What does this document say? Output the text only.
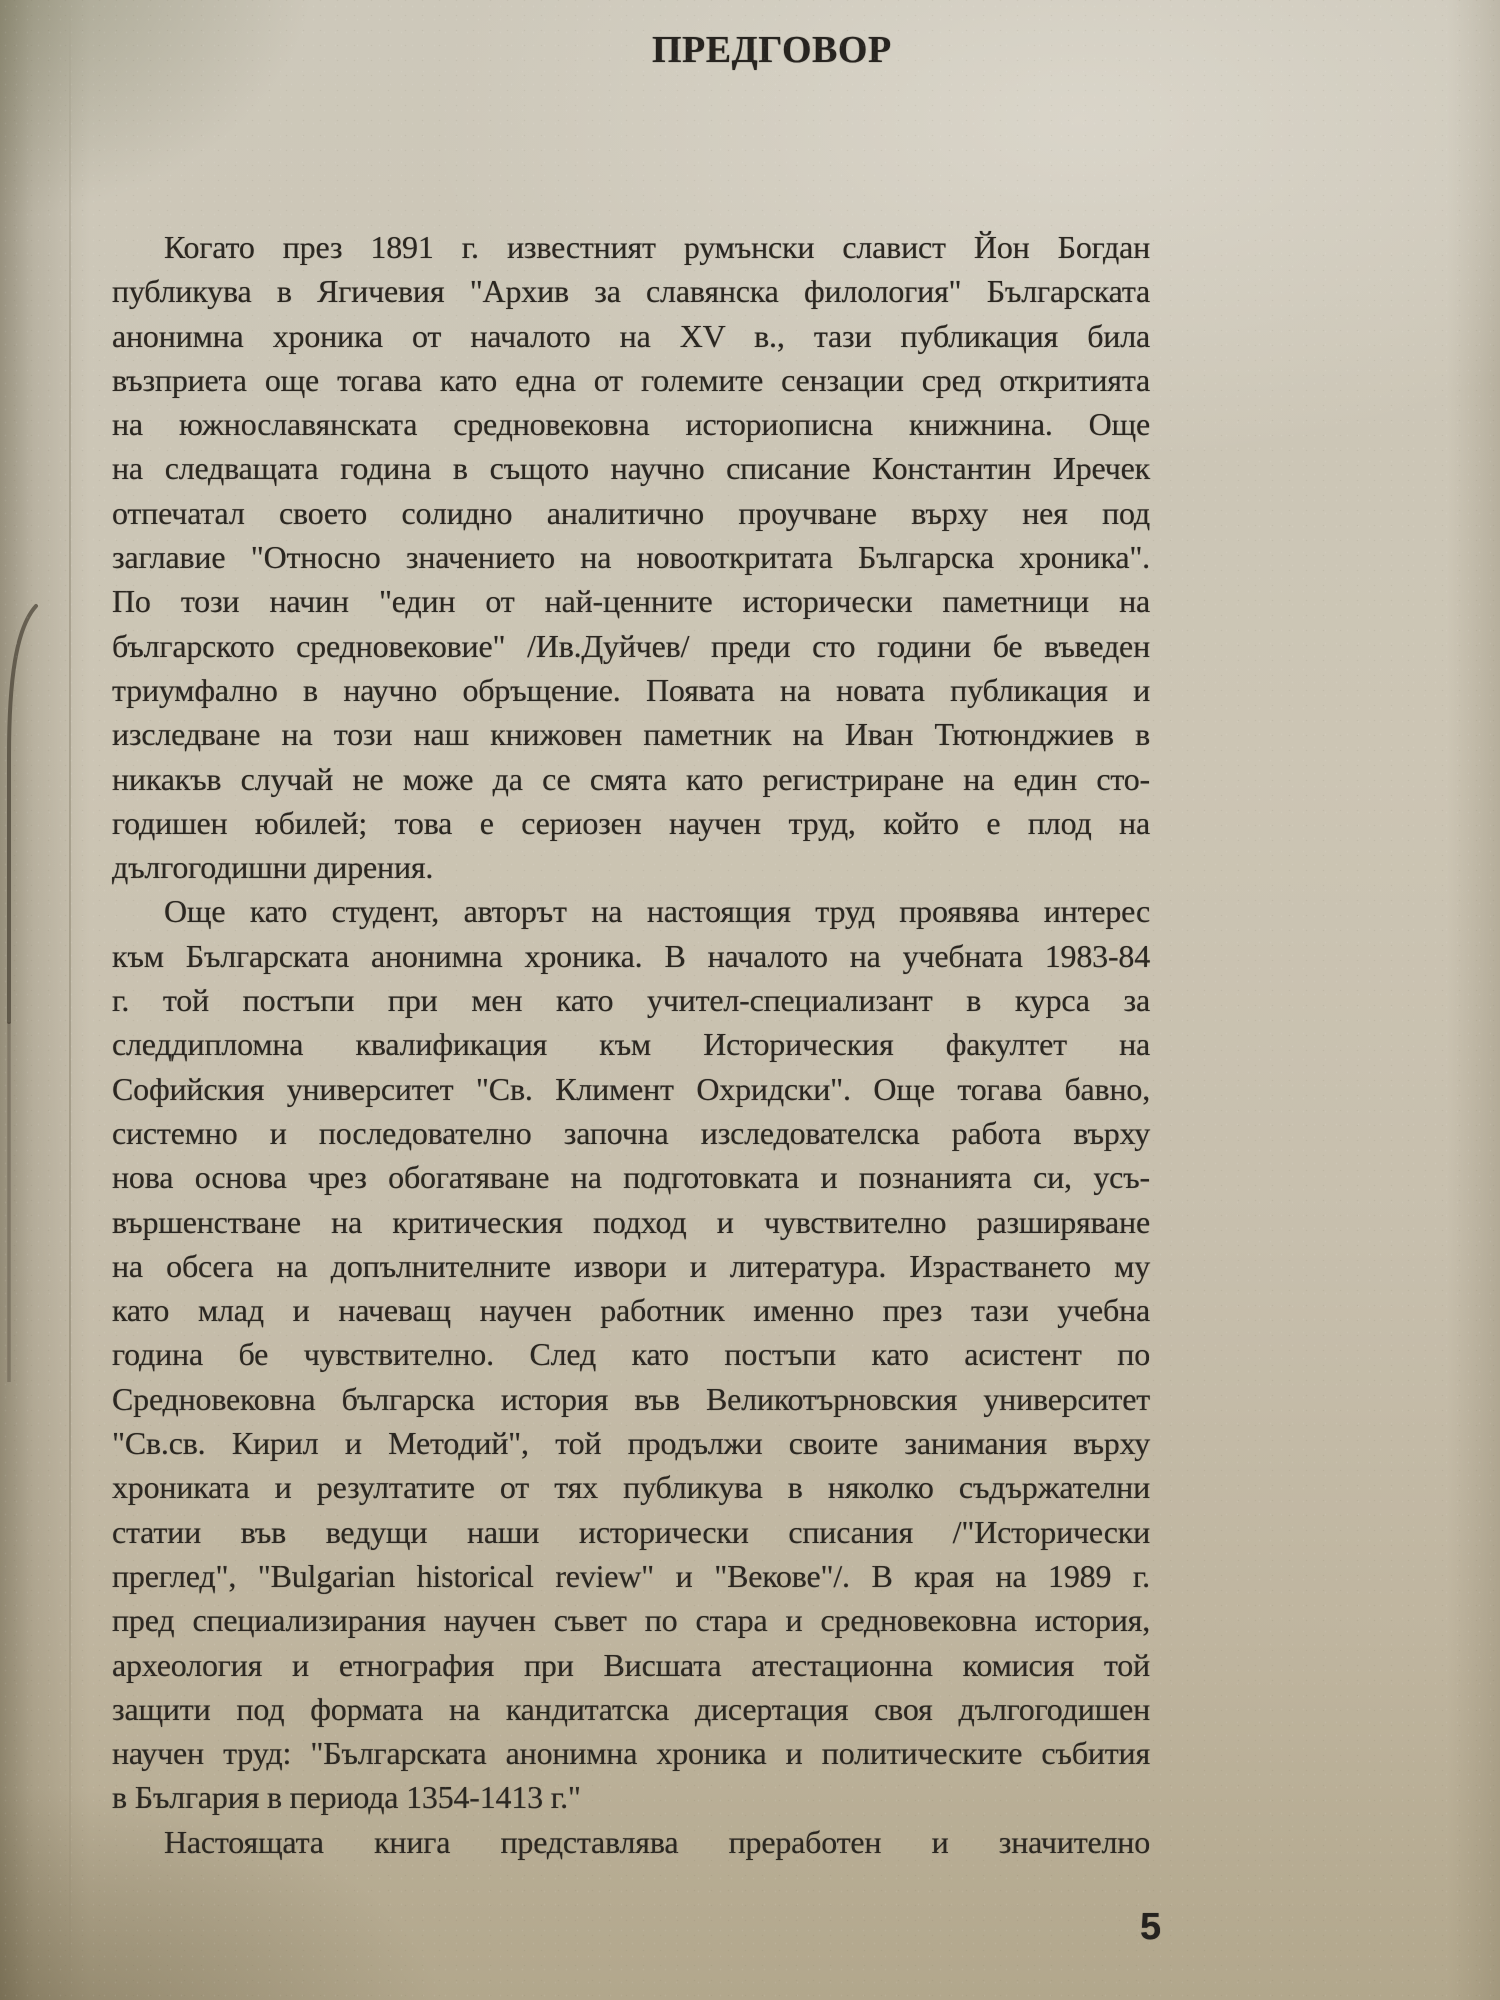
ПРЕДГОВОР
Когато през 1891 г. известният румънски славист Йон Богдан
публикува в Ягичевия "Архив за славянска филология" Българската
анонимна хроника от началото на XV в., тази публикация била
възприета още тогава като една от големите сензации сред откритията
на южнославянската средновековна историописна книжнина. Още
на следващата година в същото научно списание Константин Иречек
отпечатал своето солидно аналитично проучване върху нея под
заглавие "Относно значението на новооткритата Българска хроника".
По този начин "един от най-ценните исторически паметници на
българското средновековие" /Ив.Дуйчев/ преди сто години бе въведен
триумфално в научно обръщение. Появата на новата публикация и
изследване на този наш книжовен паметник на Иван Тютюнджиев в
никакъв случай не може да се смята като регистриране на един сто-
годишен юбилей; това е сериозен научен труд, който е плод на
дългогодишни дирения.
Още като студент, авторът на настоящия труд проявява интерес
към Българската анонимна хроника. В началото на учебната 1983-84
г. той постъпи при мен като учител-специализант в курса за
следдипломна квалификация към Историческия факултет на
Софийския университет "Св. Климент Охридски". Още тогава бавно,
системно и последователно започна изследователска работа върху
нова основа чрез обогатяване на подготовката и познанията си, усъ-
вършенстване на критическия подход и чувствително разширяване
на обсега на допълнителните извори и литература. Израстването му
като млад и начеващ научен работник именно през тази учебна
година бе чувствително. След като постъпи като асистент по
Средновековна българска история във Великотърновския университет
"Св.св. Кирил и Методий", той продължи своите занимания върху
хрониката и резултатите от тях публикува в няколко съдържателни
статии във ведущи наши исторически списания /"Исторически
преглед", "Bulgarian historical review" и "Векове"/. В края на 1989 г.
пред специализирания научен съвет по стара и средновековна история,
археология и етнография при Висшата атестационна комисия той
защити под формата на кандитатска дисертация своя дългогодишен
научен труд: "Българската анонимна хроника и политическите събития
в България в периода 1354-1413 г."
Настоящата книга представлява преработен и значително
5
